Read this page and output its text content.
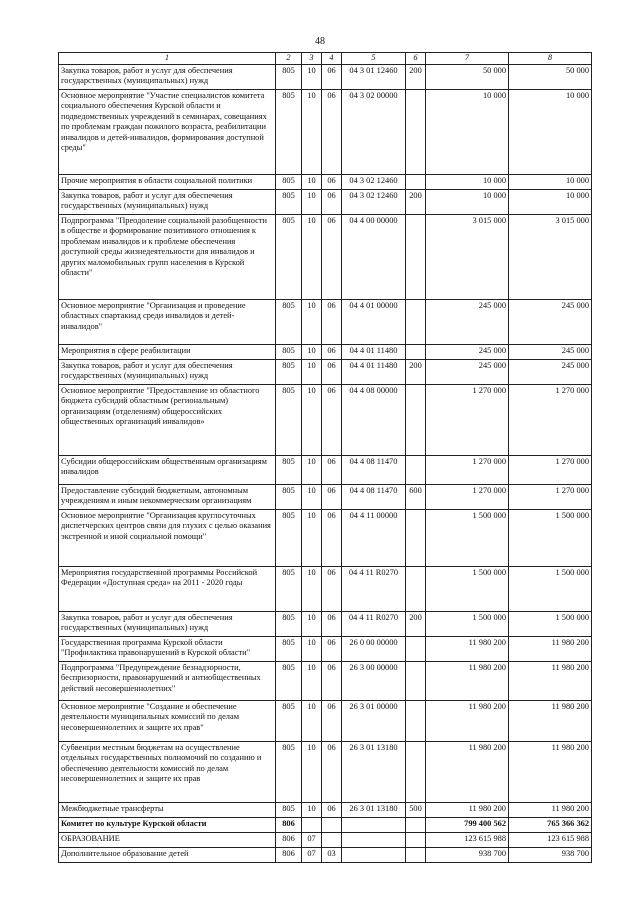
48
1	2	3	4	5	6	7	8
Закупка товаров, работ и услуг для обеспечения государственных (муниципальных) нужд	805	10	06	04 3 01 12460	200	50 000	50 000
Основное мероприятие "Участие специалистов комитета социального обеспечения Курской области и подведомственных учреждений в семинарах, совещаниях по проблемам граждан пожилого возраста, реабилитации инвалидов и детей-инвалидов, формирования доступной среды"	805	10	06	04 3 02 00000		10 000	10 000
Прочие мероприятия в области социальной политики	805	10	06	04 3 02 12460		10 000	10 000
Закупка товаров, работ и услуг для обеспечения государственных (муниципальных) нужд	805	10	06	04 3 02 12460	200	10 000	10 000
Подпрограмма "Преодоление социальной разобщенности в обществе и формирование позитивного отношения к проблемам инвалидов и к проблеме обеспечения доступной среды жизнедеятельности для инвалидов и других маломобильных групп населения в Курской области"	805	10	06	04 4 00 00000		3 015 000	3 015 000
Основное мероприятие "Организация и проведение областных спартакиад среди инвалидов и детей-инвалидов"	805	10	06	04 4 01 00000		245 000	245 000
Мероприятия в сфере реабилитации	805	10	06	04 4 01 11480		245 000	245 000
Закупка товаров, работ и услуг для обеспечения государственных (муниципальных) нужд	805	10	06	04 4 01 11480	200	245 000	245 000
Основное мероприятие "Предоставление из областного бюджета субсидий областным (региональным) организациям (отделениям) общероссийских общественных организаций инвалидов»	805	10	06	04 4 08 00000		1 270 000	1 270 000
Субсидии общероссийским общественным организациям инвалидов	805	10	06	04 4 08 11470		1 270 000	1 270 000
Предоставление субсидий бюджетным, автономным учреждениям и иным некоммерческим организациям	805	10	06	04 4 08 11470	600	1 270 000	1 270 000
Основное мероприятие "Организация круглосуточных диспетчерских центров связи для глухих с целью оказания экстренной и иной социальной помощи"	805	10	06	04 4 11 00000		1 500 000	1 500 000
Мероприятия государственной программы Российской Федерации «Доступная среда» на 2011 - 2020 годы	805	10	06	04 4 11 R0270		1 500 000	1 500 000
Закупка товаров, работ и услуг для обеспечения государственных (муниципальных) нужд	805	10	06	04 4 11 R0270	200	1 500 000	1 500 000
Государственная программа Курской области "Профилактика правонарушений в Курской области"	805	10	06	26 0 00 00000		11 980 200	11 980 200
Подпрограмма "Предупреждение безнадзорности, беспризорности, правонарушений и антиобщественных действий несовершеннолетних"	805	10	06	26 3 00 00000		11 980 200	11 980 200
Основное мероприятие "Создание и обеспечение деятельности муниципальных комиссий по делам несовершеннолетних и защите их прав"	805	10	06	26 3 01 00000		11 980 200	11 980 200
Субвенции местным бюджетам на осуществление отдельных государственных полномочий по созданию и обеспечению деятельности комиссий по делам несовершеннолетних и защите их прав	805	10	06	26 3 01 13180		11 980 200	11 980 200
Межбюджетные трансферты	805	10	06	26 3 01 13180	500	11 980 200	11 980 200
Комитет по культуре Курской области	806					799 400 562	765 366 362
ОБРАЗОВАНИЕ	806	07				123 615 988	123 615 988
Дополнительное образование детей	806	07	03			938 700	938 700
